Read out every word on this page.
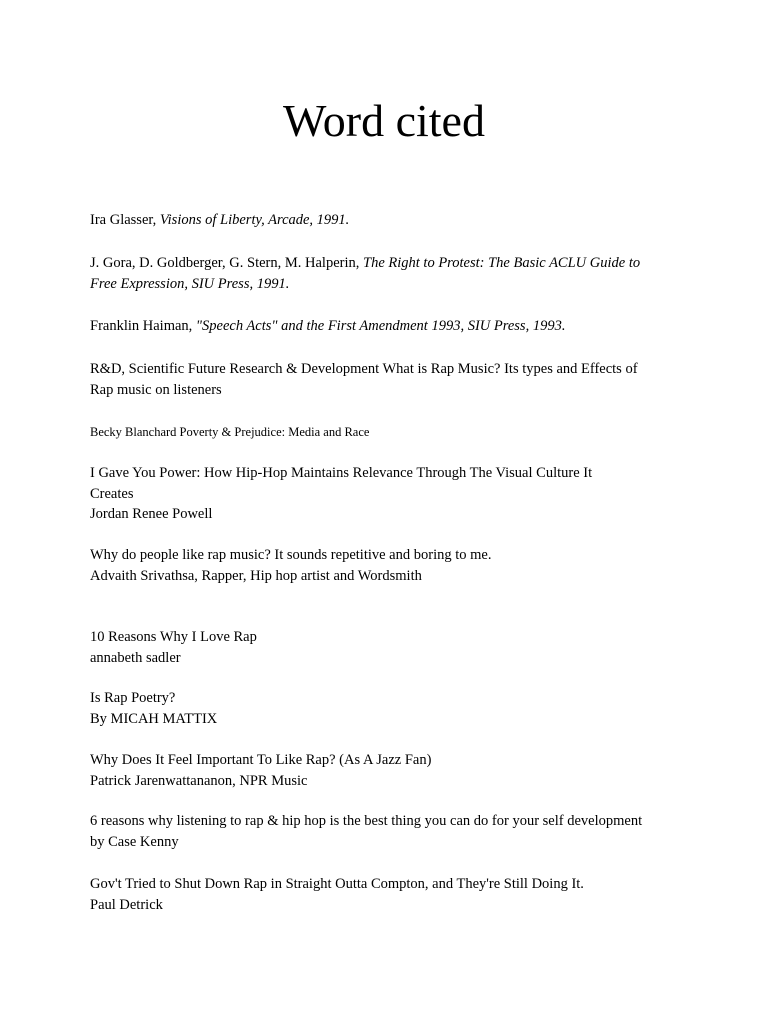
Word cited
Ira Glasser, Visions of Liberty, Arcade, 1991.
J. Gora, D. Goldberger, G. Stern, M. Halperin, The Right to Protest: The Basic ACLU Guide to
Free Expression, SIU Press, 1991.
Franklin Haiman, "Speech Acts" and the First Amendment 1993, SIU Press, 1993.
R&D, Scientific Future Research & Development What is Rap Music? Its types and Effects of
Rap music on listeners
Becky Blanchard Poverty & Prejudice: Media and Race
I Gave You Power: How Hip-Hop Maintains Relevance Through The Visual Culture It
Creates
Jordan Renee Powell
Why do people like rap music? It sounds repetitive and boring to me.
Advaith Srivathsa, Rapper, Hip hop artist and Wordsmith
10 Reasons Why I Love Rap
annabeth sadler
Is Rap Poetry?
By MICAH MATTIX
Why Does It Feel Important To Like Rap? (As A Jazz Fan)
Patrick Jarenwattananon, NPR Music
6 reasons why listening to rap & hip hop is the best thing you can do for your self development
by Case Kenny
Gov't Tried to Shut Down Rap in Straight Outta Compton, and They're Still Doing It.
Paul Detrick
